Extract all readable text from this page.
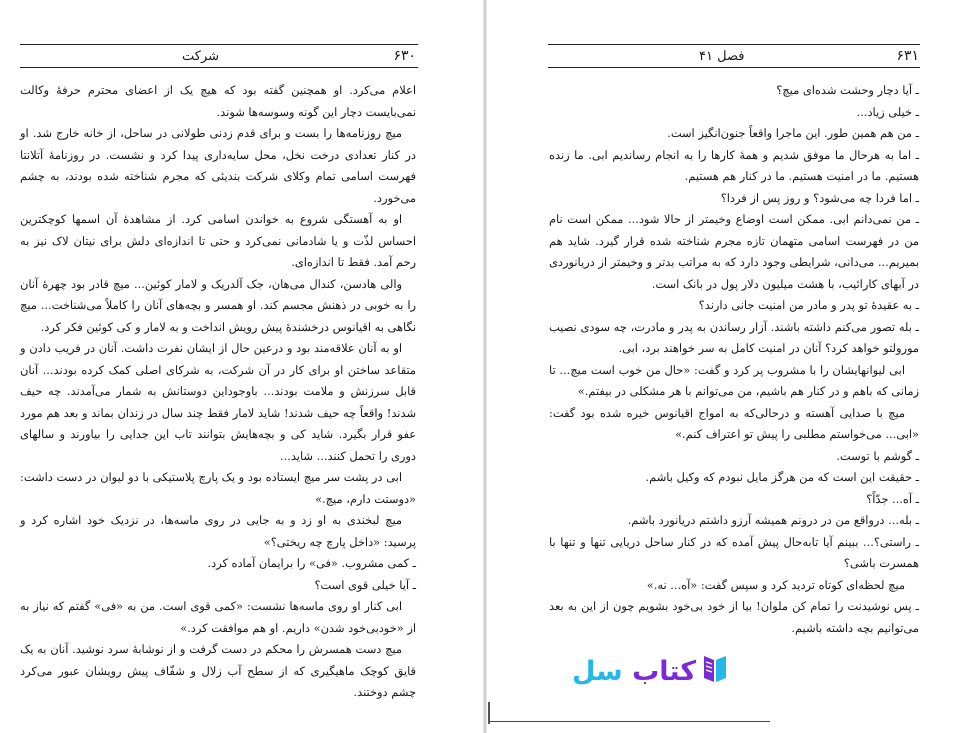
۶۳۰
شرکت

اعلام می‌کرد. او همچنین گفته بود که هیچ یک از اعضای محترم حرفهٔ وکالت نمی‌بایست دچار این گونه وسوسه‌ها شوند.

میچ روزنامه‌ها را بست و برای قدم زدنی طولانی در ساحل، از خانه خارج شد. او در کنار تعدادی درخت نخل، محل سایه‌داری پیدا کرد و نشست. در روزنامهٔ آتلانتا فهرست اسامی تمام وکلای شرکت بندیئی که مجرم شناخته شده بودند، به چشم می‌خورد.

او به آهستگی شروع به خواندن اسامی کرد. از مشاهدهٔ آن اسمها کوچکترین احساس لذّت و یا شادمانی نمی‌کرد و حتی تا اندازه‌ای دلش برای نیتان لاک نیز به رحم آمد. فقط تا اندازه‌ای.

والی هادسن، کندال می‌هان، جک آلدریک و لامار کوئین... میچ قادر بود چهرهٔ آنان را به خوبی در ذهنش مجسم کند. او همسر و بچه‌های آنان را کاملاً می‌شناخت... میچ نگاهی به اقیانوس درخشندهٔ پیش رویش انداخت و به لامار و کی کوئین فکر کرد.

او به آنان علاقه‌مند بود و درعین حال از ایشان نفرت داشت. آنان در فریب دادن و متقاعد ساختن او برای کار در آن شرکت، به شرکای اصلی کمک کرده بودند... آنان قابل سرزنش و ملامت بودند... باوجوداین دوستانش به شمار می‌آمدند. چه حیف شدند! واقعاً چه حیف شدند! شاید لامار فقط چند سال در زندان بماند و بعد هم مورد عفو قرار بگیرد. شاید کی و بچه‌هایش بتوانند تاب این جدایی را بیاورند و سالهای دوری را تحمل کنند... شاید...

ابی در پشت سر میچ ایستاده بود و یک پارچ پلاستیکی با دو لیوان در دست داشت: «دوستت دارم، میچ.»

میچ لبخندی به او زد و به جایی در روی ماسه‌ها، در نزدیک خود اشاره کرد و پرسید: «داخل پارچ چه ریختی؟»

ـ کمی مشروب. «فی» را برایمان آماده کرد.

ـ آیا خیلی قوی است؟

ابی کنار او روی ماسه‌ها نشست: «کمی قوی است. من به «فی» گفتم که نیاز به از «خودبی‌خود شدن» داریم. او هم موافقت کرد.»

میچ دست همسرش را محکم در دست گرفت و از نوشابهٔ سرد نوشید. آنان به یک قایق کوچک ماهیگیری که از سطح آب زلال و شفّاف پیش رویشان عبور می‌کرد چشم دوختند.

۶۳۱
فصل ۴۱

ـ آیا دچار وحشت شده‌ای میچ؟

ـ خیلی زیاد...

ـ من هم همین طور. این ماجرا واقعاً جنون‌انگیز است.

ـ اما به هرحال ما موفق شدیم و همهٔ کارها را به انجام رساندیم ابی. ما زنده هستیم. ما در امنیت هستیم. ما در کنار هم هستیم.

ـ اما فردا چه می‌شود؟ و روز پس از فردا؟

ـ من نمی‌دانم ابی. ممکن است اوضاع وخیمتر از حالا شود... ممکن است نام من در فهرست اسامی متهمان تازه مجرم شناخته شده قرار گیرد. شاید هم بمیریم... می‌دانی، شرایطی وجود دارد که به مراتب بدتر و وخیمتر از دریانوردی در آبهای کارائیب، با هشت میلیون دلار پول در بانک است.

ـ به عقیدهٔ تو پدر و مادر من امنیت جانی دارند؟

ـ بله تصور می‌کنم داشته باشند. آزار رساندن به پدر و مادرت، چه سودی نصیب مورولتو خواهد کرد؟ آنان در امنیت کامل به سر خواهند برد، ابی.

ابی لیوانهایشان را با مشروب پر کرد و گفت: «حال من خوب است میچ... تا زمانی که باهم و در کنار هم باشیم، من می‌توانم با هر مشکلی در بیفتم.»

میچ با صدایی آهسته و درحالی‌که به امواج اقیانوس خیره شده بود گفت: «ابی... می‌خواستم مطلبی را پیش تو اعتراف کنم.»

ـ گوشم با توست.

ـ حقیقت این است که من هرگز مایل نبودم که وکیل باشم.

ـ آه... جدّاً؟

ـ بله... درواقع من در درونم همیشه آرزو داشتم دریانورد باشم.

ـ راستی؟... ببینم آیا تابه‌حال پیش آمده که در کنار ساحل دریایی تنها و تنها با همسرت باشی؟

میچ لحظه‌ای کوتاه تردید کرد و سپس گفت: «آه... نه.»

ـ پس نوشیدنت را تمام کن ملوان! بیا از خود بی‌خود بشویم چون از این به بعد می‌توانیم بچه داشته باشیم.

کتاب سل
